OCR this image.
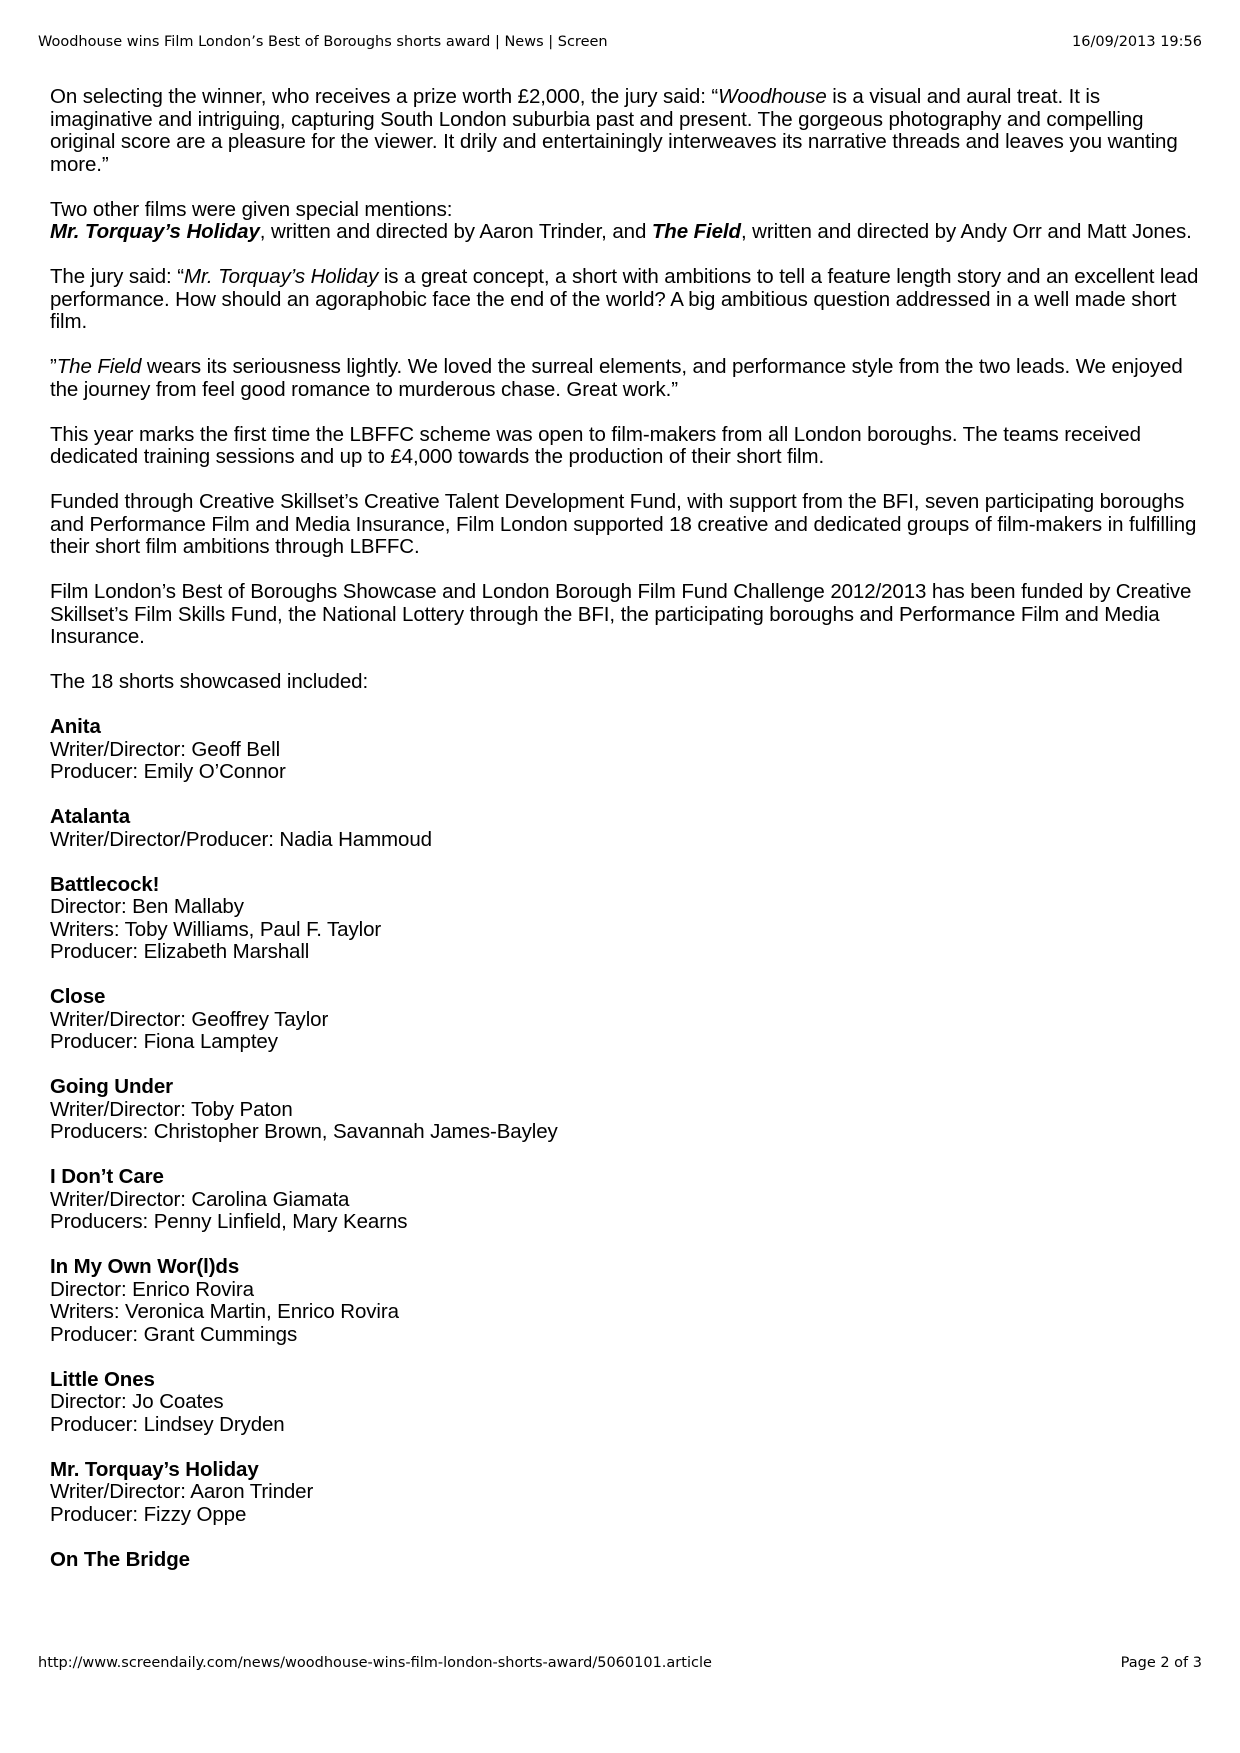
Woodhouse wins Film London’s Best of Boroughs shorts award | News | Screen	16/09/2013 19:56

On selecting the winner, who receives a prize worth £2,000, the jury said: “Woodhouse is a visual and aural treat. It is imaginative and intriguing, capturing South London suburbia past and present. The gorgeous photography and compelling original score are a pleasure for the viewer. It drily and entertainingly interweaves its narrative threads and leaves you wanting more.”

Two other films were given special mentions:
Mr. Torquay’s Holiday, written and directed by Aaron Trinder, and The Field, written and directed by Andy Orr and Matt Jones.

The jury said: “Mr. Torquay’s Holiday is a great concept, a short with ambitions to tell a feature length story and an excellent lead performance. How should an agoraphobic face the end of the world? A big ambitious question addressed in a well made short film.

”The Field wears its seriousness lightly. We loved the surreal elements, and performance style from the two leads. We enjoyed the journey from feel good romance to murderous chase. Great work.”

This year marks the first time the LBFFC scheme was open to film-makers from all London boroughs. The teams received dedicated training sessions and up to £4,000 towards the production of their short film.

Funded through Creative Skillset’s Creative Talent Development Fund, with support from the BFI, seven participating boroughs and Performance Film and Media Insurance, Film London supported 18 creative and dedicated groups of film-makers in fulfilling their short film ambitions through LBFFC.

Film London’s Best of Boroughs Showcase and London Borough Film Fund Challenge 2012/2013 has been funded by Creative Skillset’s Film Skills Fund, the National Lottery through the BFI, the participating boroughs and Performance Film and Media Insurance.

The 18 shorts showcased included:

Anita
Writer/Director: Geoff Bell
Producer: Emily O’Connor
Atalanta
Writer/Director/Producer: Nadia Hammoud
Battlecock!
Director: Ben Mallaby
Writers: Toby Williams, Paul F. Taylor
Producer: Elizabeth Marshall
Close
Writer/Director: Geoffrey Taylor
Producer: Fiona Lamptey
Going Under
Writer/Director: Toby Paton
Producers: Christopher Brown, Savannah James-Bayley
I Don’t Care
Writer/Director: Carolina Giamata
Producers: Penny Linfield, Mary Kearns
In My Own Wor(l)ds
Director: Enrico Rovira
Writers: Veronica Martin, Enrico Rovira
Producer: Grant Cummings
Little Ones
Director: Jo Coates
Producer: Lindsey Dryden
Mr. Torquay’s Holiday
Writer/Director: Aaron Trinder
Producer: Fizzy Oppe
On The Bridge
http://www.screendaily.com/news/woodhouse-wins-film-london-shorts-award/5060101.article	Page 2 of 3
